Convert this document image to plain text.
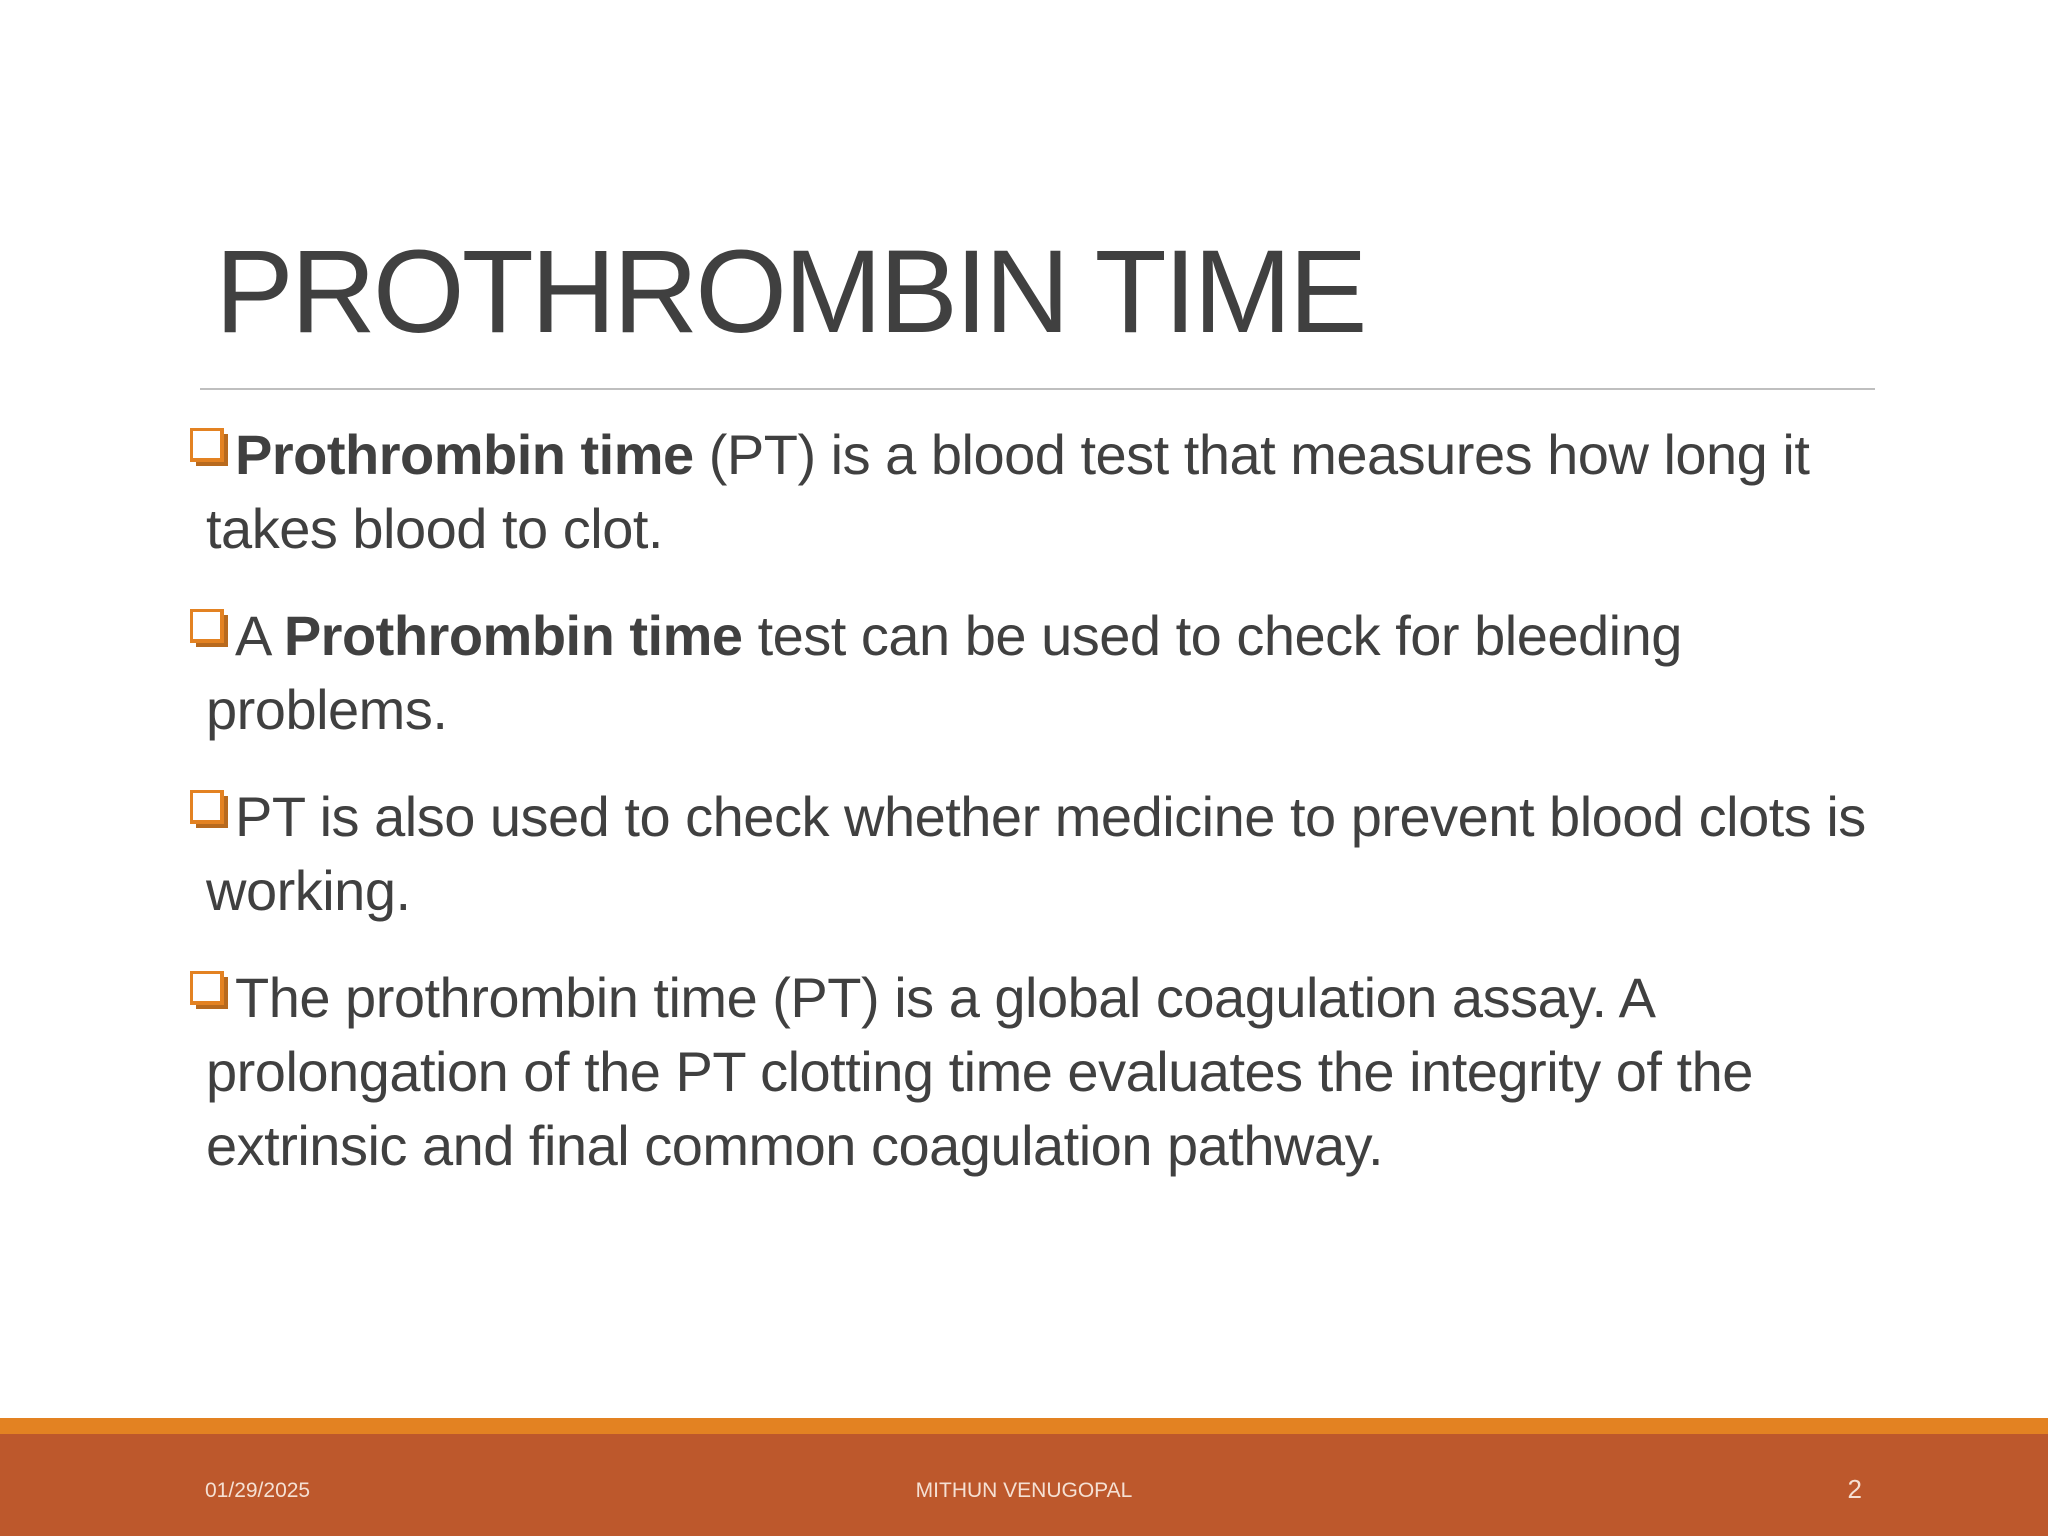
PROTHROMBIN TIME
Prothrombin time (PT) is a blood test that measures how long it takes blood to clot.
A Prothrombin time test can be used to check for bleeding problems.
PT is also used to check whether medicine to prevent blood clots is working.
The prothrombin time (PT) is a global coagulation assay. A prolongation of the PT clotting time evaluates the integrity of the extrinsic and final common coagulation pathway.
01/29/2025	MITHUN VENUGOPAL	2
